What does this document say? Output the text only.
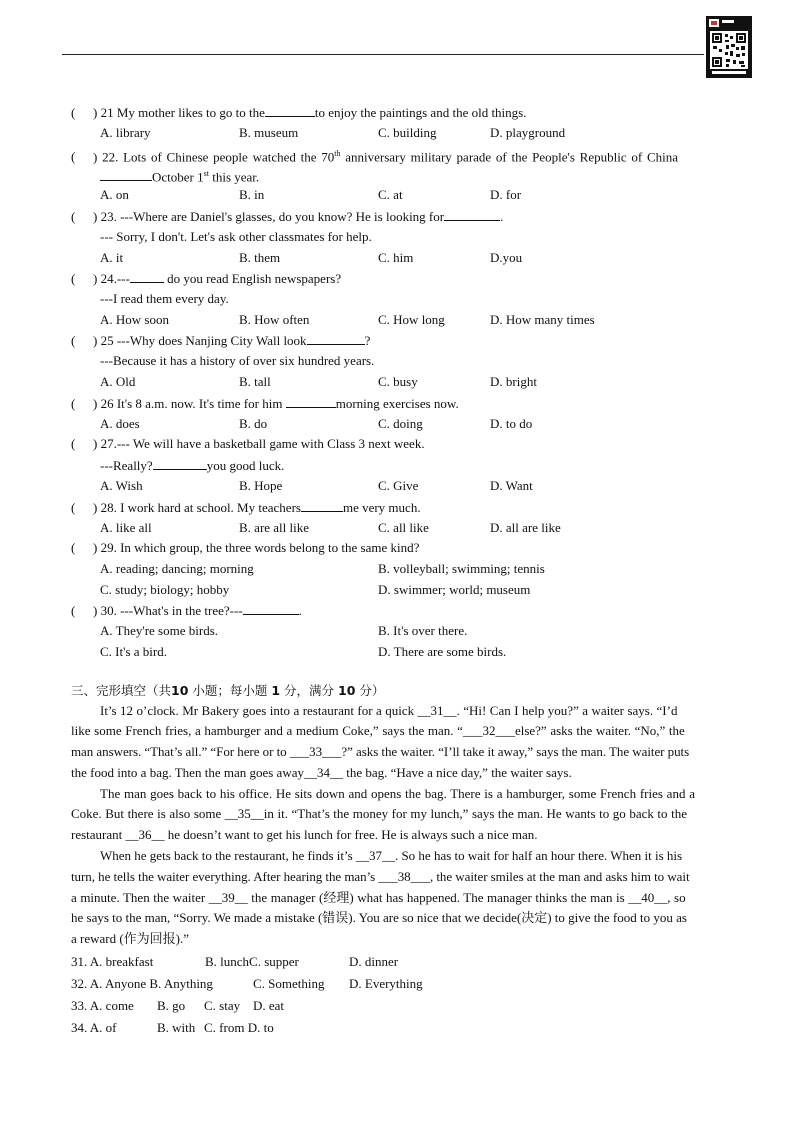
( ) 21 My mother likes to go to the	to enjoy the paintings and the old things.
A. library	B. museum	C. building	D. playground
( ) 22. Lots of Chinese people watched the 70th anniversary military parade of the People's Republic of China
October 1st this year.
A. on	B. in	C. at	D. for
( ) 23. ---Where are Daniel's glasses, do you know? He is looking for	.
--- Sorry, I don't. Let's ask other classmates for help.
A. it	B. them	C. him	D.you
( ) 24.---	do you read English newspapers?
---I read them every day.
A. How soon	B. How often	C. How long	D. How many times
( ) 25 ---Why does Nanjing City Wall look	?
---Because it has a history of over six hundred years.
A. Old	B. tall	C. busy	D. bright
( ) 26 It's 8 a.m. now. It's time for him	morning exercises now.
A. does	B. do	C. doing	D. to do
( ) 27.--- We will have a basketball game with Class 3 next week.
---Really?	you good luck.
A. Wish	B. Hope	C. Give	D. Want
( ) 28. I work hard at school. My teachers	me very much.
A. like all	B. are all like	C. all like	D. all are like
( ) 29. In which group, the three words belong to the same kind?
A. reading; dancing; morning	B. volleyball; swimming; tennis
C. study; biology; hobby	D. swimmer; world; museum
( ) 30. ---What's in the tree?---	.
A. They're some birds.	B. It's over there.
C. It's a bird.	D. There are some birds.
三、完形填空（共10 小题；每小题 1 分，满分 10 分）
It’s 12 o’clock. Mr Bakery goes into a restaurant for a quick __31__. “Hi! Can I help you?” a waiter says. “I’d
like some French fries, a hamburger and a medium Coke,” says the man. “___32___else?” asks the waiter. “No,” the
man answers. “That’s all.” “For here or to ___33___?” asks the waiter. “I’ll take it away,” says the man. The waiter puts
the food into a bag. Then the man goes away__34__ the bag. “Have a nice day,” the waiter says.
The man goes back to his office. He sits down and opens the bag. There is a hamburger, some French fries and a
Coke. But there is also some __35__in it. “That’s the money for my lunch,” says the man. He wants to go back to the
restaurant __36__ he doesn’t want to get his lunch for free. He is always such a nice man.
When he gets back to the restaurant, he finds it’s __37__. So he has to wait for half an hour there. When it is his
turn, he tells the waiter everything. After hearing the man’s ___38___, the waiter smiles at the man and asks him to wait
a minute. Then the waiter __39__ the manager (经理) what has happened. The manager thinks the man is __40__, so
he says to the man, “Sorry. We made a mistake (错误). You are so nice that we decide(决定) to give the food to you as
a reward (作为回报).”
31. A. breakfast	B. lunchC. supper	D. dinner
32. A. Anyone B. Anything	C. Something D. Everything
33. A. come B. go C. stay D. eat
34. A. of	B. with C. from D. to
